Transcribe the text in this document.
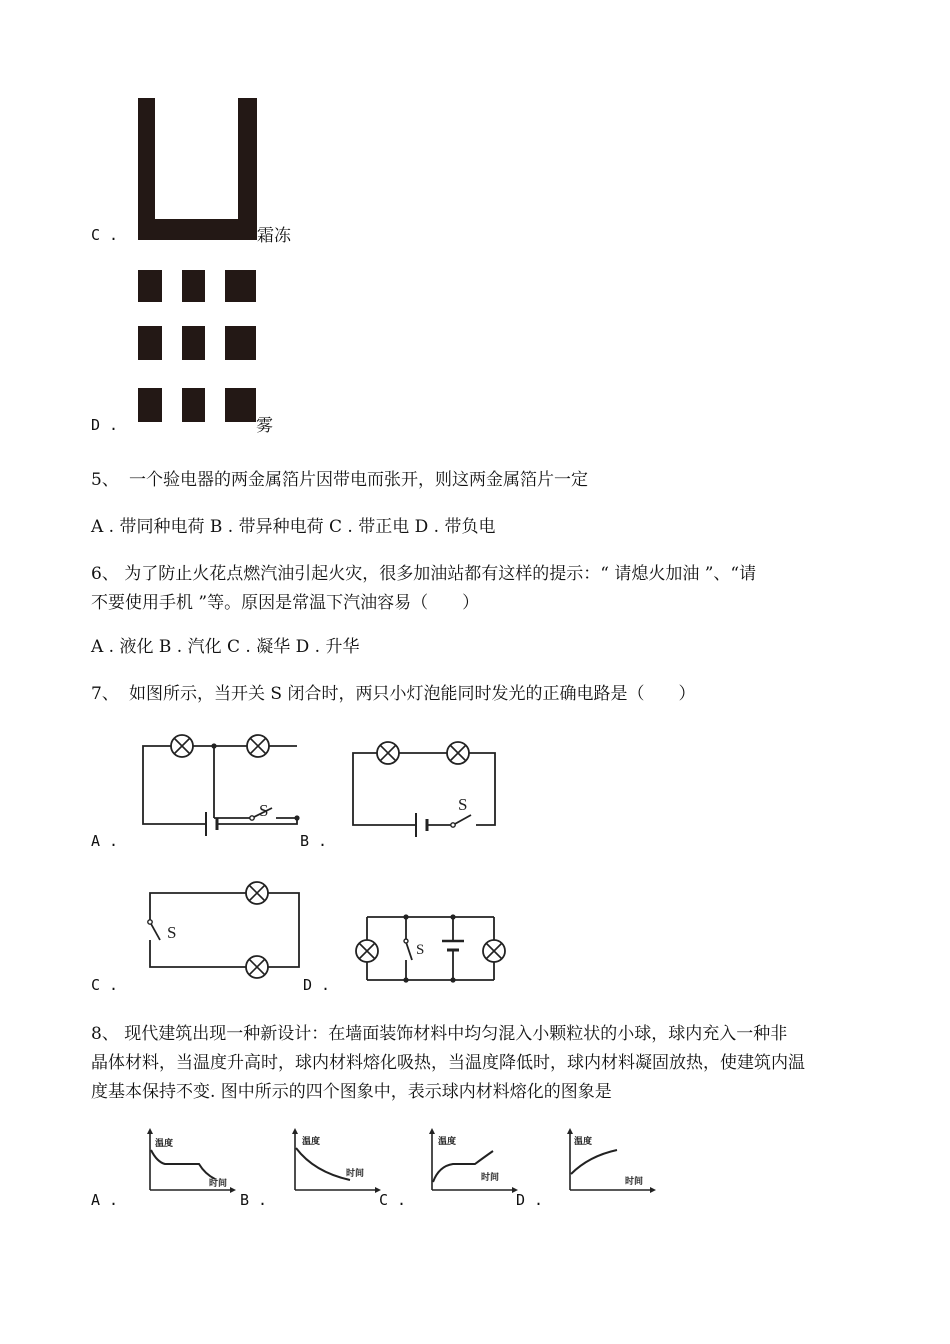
C .	霜冻
D .	雾
5、 一个验电器的两金属箔片因带电而张开，则这两金属箔片一定
A . 带同种电荷 B . 带异种电荷 C . 带正电 D . 带负电
6、 为了防止火花点燃汽油引起火灾，很多加油站都有这样的提示：“ 请熄火加油 ”、“请
不要使用手机 ”等。原因是常温下汽油容易（　　）
A . 液化 B . 汽化 C . 凝华 D . 升华
7、 如图所示，当开关 S 闭合时，两只小灯泡能同时发光的正确电路是（　　）
S	S
A .	B .
S
S
C .	D .
8、 现代建筑出现一种新设计：在墙面装饰材料中均匀混入小颗粒状的小球，球内充入一种非
晶体材料，当温度升高时，球内材料熔化吸热，当温度降低时，球内材料凝固放热，使建筑内温
度基本保持不变. 图中所示的四个图象中，表示球内材料熔化的图象是
温度
时间
温度
时间
温度
时间
温度
时间
A .	B .	C .	D .
